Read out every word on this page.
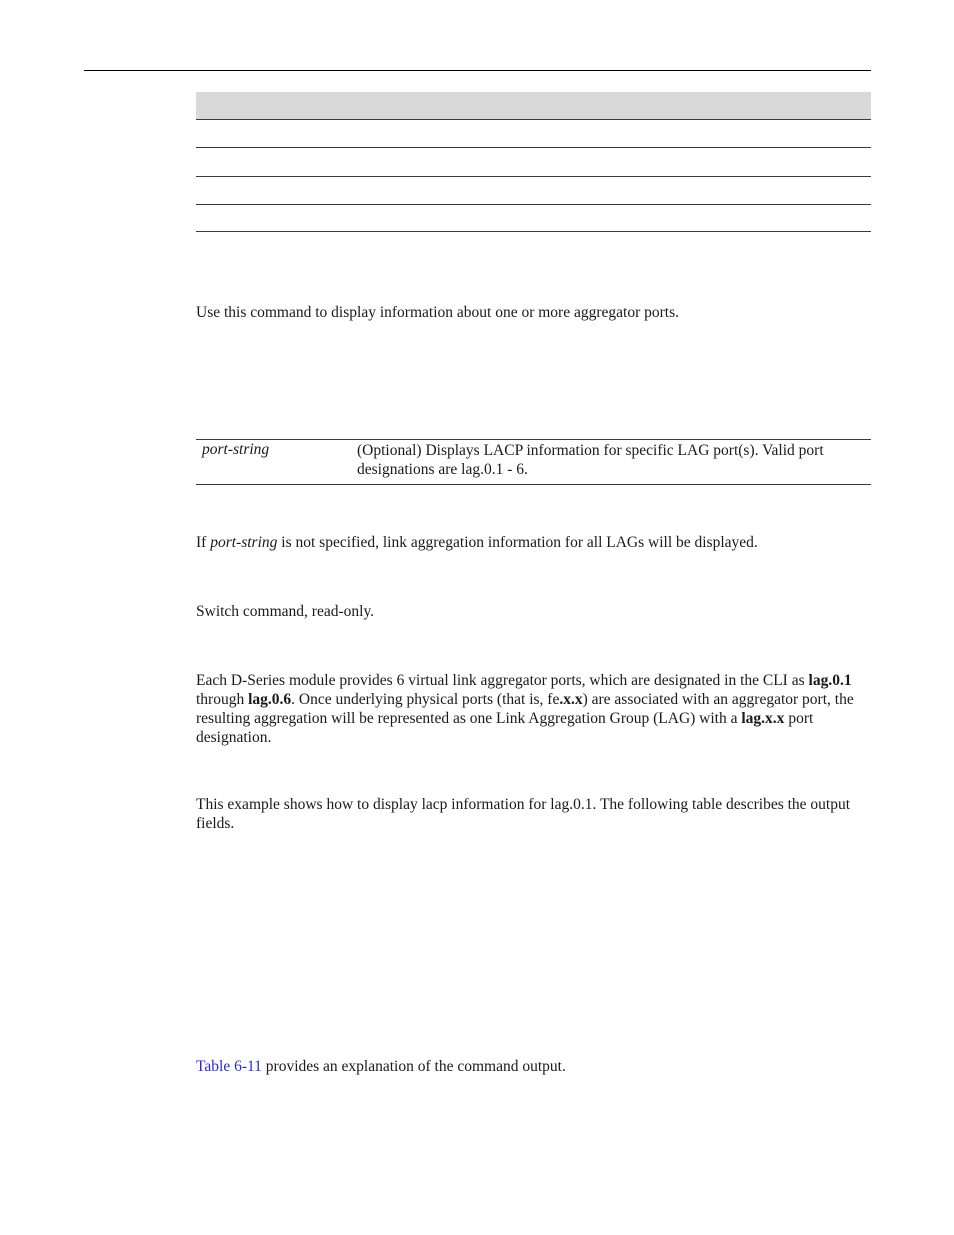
Use this command to display information about one or more aggregator ports.
port-string	(Optional) Displays LACP information for specific LAG port(s). Valid port designations are lag.0.1 - 6.
If port-string is not specified, link aggregation information for all LAGs will be displayed.
Switch command, read-only.
Each D-Series module provides 6 virtual link aggregator ports, which are designated in the CLI as lag.0.1 through lag.0.6. Once underlying physical ports (that is, fe.x.x) are associated with an aggregator port, the resulting aggregation will be represented as one Link Aggregation Group (LAG) with a lag.x.x port designation.
This example shows how to display lacp information for lag.0.1. The following table describes the output fields.
Table 6-11 provides an explanation of the command output.
